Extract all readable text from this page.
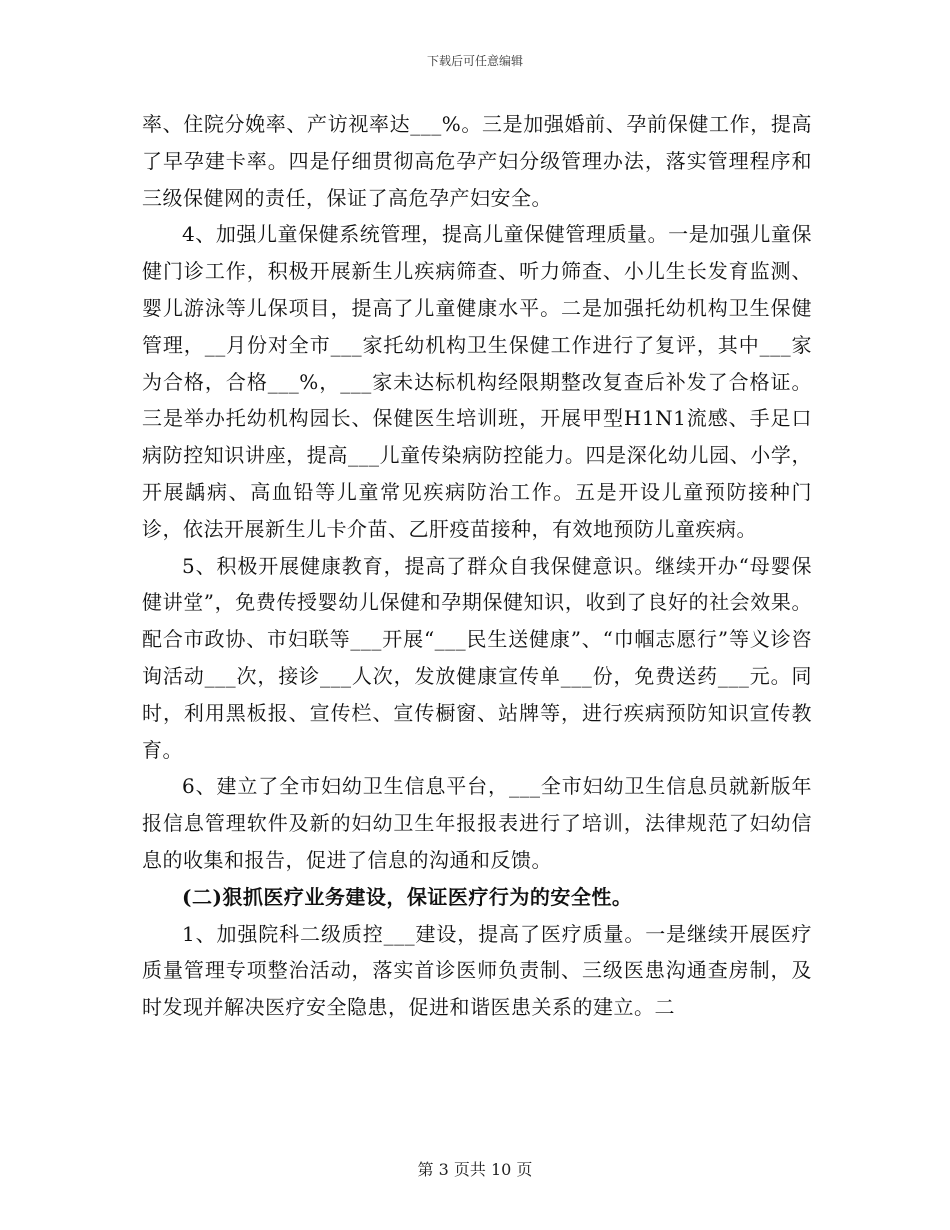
下载后可任意编辑

率、住院分娩率、产访视率达___%。三是加强婚前、孕前保健工作，提高了早孕建卡率。四是仔细贯彻高危孕产妇分级管理办法，落实管理程序和三级保健网的责任，保证了高危孕产妇安全。

4、加强儿童保健系统管理，提高儿童保健管理质量。一是加强儿童保健门诊工作，积极开展新生儿疾病筛查、听力筛查、小儿生长发育监测、婴儿游泳等儿保项目，提高了儿童健康水平。二是加强托幼机构卫生保健管理，__月份对全市___家托幼机构卫生保健工作进行了复评，其中___家为合格，合格___%，___家未达标机构经限期整改复查后补发了合格证。三是举办托幼机构园长、保健医生培训班，开展甲型H1N1流感、手足口病防控知识讲座，提高___儿童传染病防控能力。四是深化幼儿园、小学，开展龋病、高血铅等儿童常见疾病防治工作。五是开设儿童预防接种门诊，依法开展新生儿卡介苗、乙肝疫苗接种，有效地预防儿童疾病。

5、积极开展健康教育，提高了群众自我保健意识。继续开办“母婴保健讲堂”，免费传授婴幼儿保健和孕期保健知识，收到了良好的社会效果。配合市政协、市妇联等___开展“___民生送健康”、“巾帼志愿行”等义诊咨询活动___次，接诊___人次，发放健康宣传单___份，免费送药___元。同时，利用黑板报、宣传栏、宣传橱窗、站牌等，进行疾病预防知识宣传教育。

6、建立了全市妇幼卫生信息平台，___全市妇幼卫生信息员就新版年报信息管理软件及新的妇幼卫生年报报表进行了培训，法律规范了妇幼信息的收集和报告，促进了信息的沟通和反馈。

(二)狠抓医疗业务建设，保证医疗行为的安全性。

1、加强院科二级质控___建设，提高了医疗质量。一是继续开展医疗质量管理专项整治活动，落实首诊医师负责制、三级医患沟通查房制，及时发现并解决医疗安全隐患，促进和谐医患关系的建立。二

第 3 页共 10 页
